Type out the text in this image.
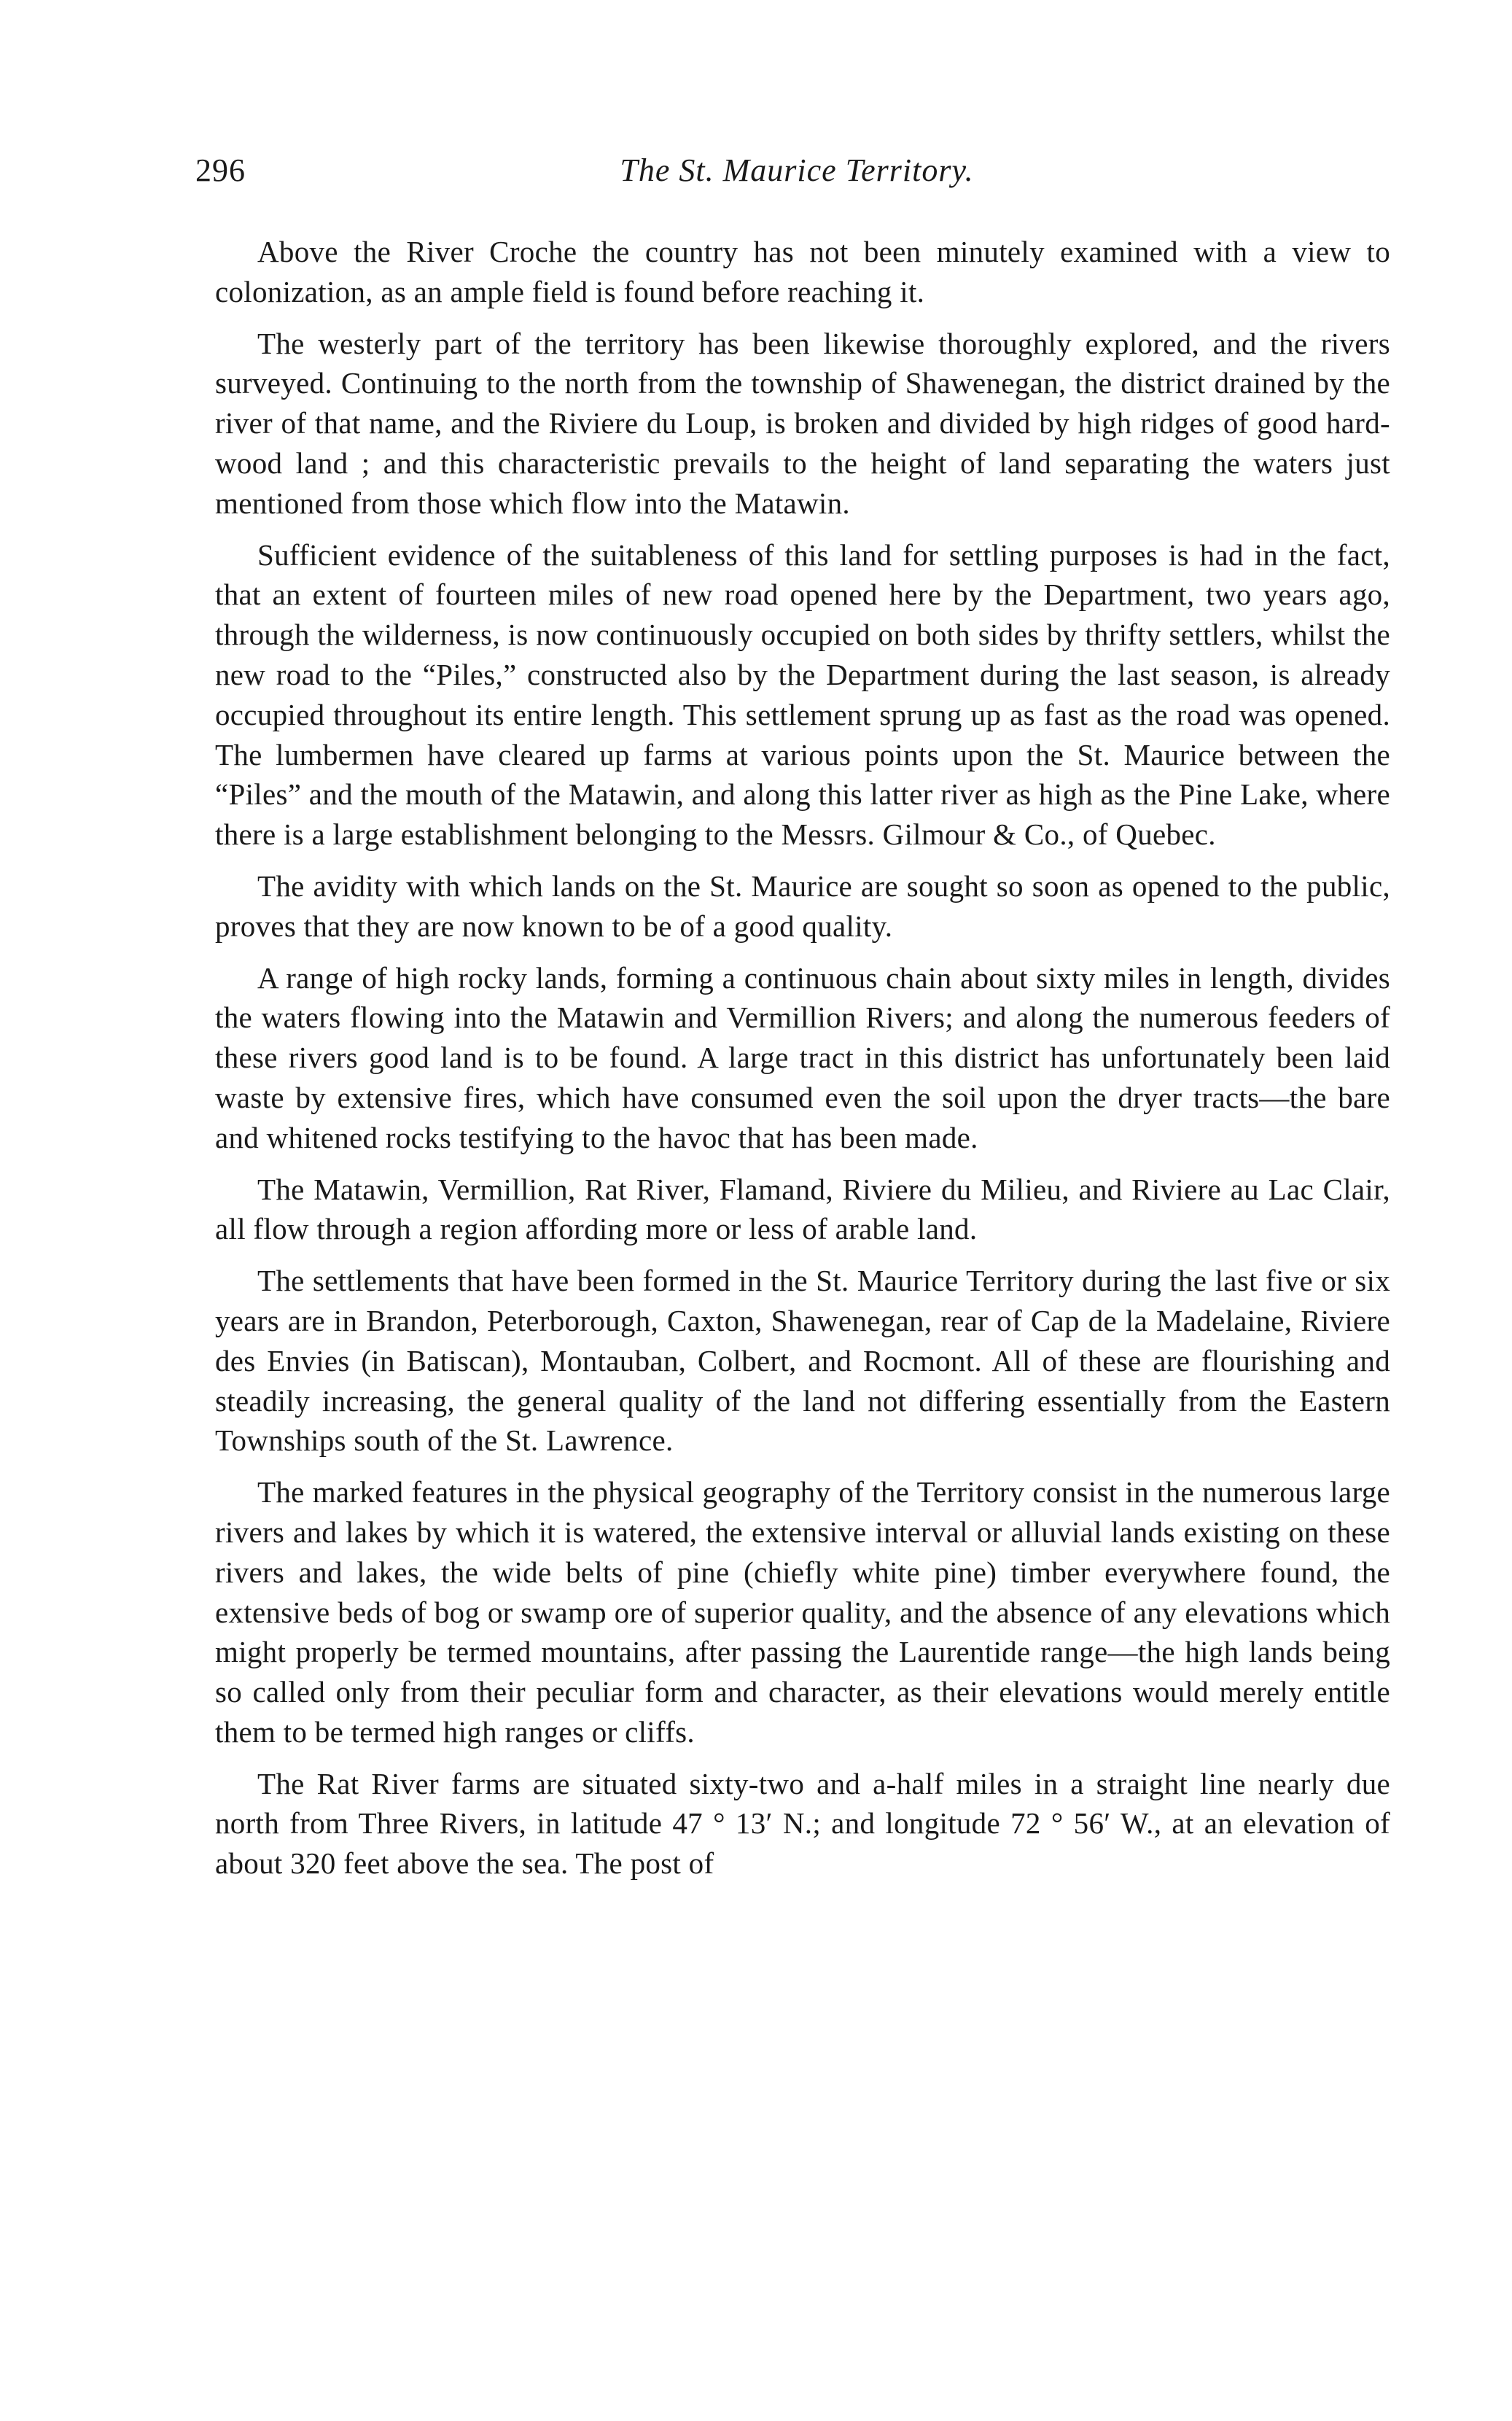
296	The St. Maurice Territory.

Above the River Croche the country has not been minutely examined with a view to colonization, as an ample field is found before reaching it.

The westerly part of the territory has been likewise thoroughly explored, and the rivers surveyed. Continuing to the north from the township of Shawenegan, the district drained by the river of that name, and the Riviere du Loup, is broken and divided by high ridges of good hard-wood land ; and this characteristic prevails to the height of land separating the waters just mentioned from those which flow into the Matawin.

Sufficient evidence of the suitableness of this land for settling purposes is had in the fact, that an extent of fourteen miles of new road opened here by the Department, two years ago, through the wilderness, is now continuously occupied on both sides by thrifty settlers, whilst the new road to the “Piles,” constructed also by the Department during the last season, is already occupied throughout its entire length. This settlement sprung up as fast as the road was opened. The lumbermen have cleared up farms at various points upon the St. Maurice between the “Piles” and the mouth of the Matawin, and along this latter river as high as the Pine Lake, where there is a large establishment belonging to the Messrs. Gilmour & Co., of Quebec.

The avidity with which lands on the St. Maurice are sought so soon as opened to the public, proves that they are now known to be of a good quality.

A range of high rocky lands, forming a continuous chain about sixty miles in length, divides the waters flowing into the Matawin and Vermillion Rivers; and along the numerous feeders of these rivers good land is to be found. A large tract in this district has unfortunately been laid waste by extensive fires, which have consumed even the soil upon the dryer tracts—the bare and whitened rocks testifying to the havoc that has been made.

The Matawin, Vermillion, Rat River, Flamand, Riviere du Milieu, and Riviere au Lac Clair, all flow through a region affording more or less of arable land.

The settlements that have been formed in the St. Maurice Territory during the last five or six years are in Brandon, Peterborough, Caxton, Shawenegan, rear of Cap de la Madelaine, Riviere des Envies (in Batiscan), Montauban, Colbert, and Rocmont. All of these are flourishing and steadily increasing, the general quality of the land not differing essentially from the Eastern Townships south of the St. Lawrence.

The marked features in the physical geography of the Territory consist in the numerous large rivers and lakes by which it is watered, the extensive interval or alluvial lands existing on these rivers and lakes, the wide belts of pine (chiefly white pine) timber everywhere found, the extensive beds of bog or swamp ore of superior quality, and the absence of any elevations which might properly be termed mountains, after passing the Laurentide range—the high lands being so called only from their peculiar form and character, as their elevations would merely entitle them to be termed high ranges or cliffs.

The Rat River farms are situated sixty-two and a-half miles in a straight line nearly due north from Three Rivers, in latitude 47 ° 13′ N.; and longitude 72 ° 56′ W., at an elevation of about 320 feet above the sea. The post of
